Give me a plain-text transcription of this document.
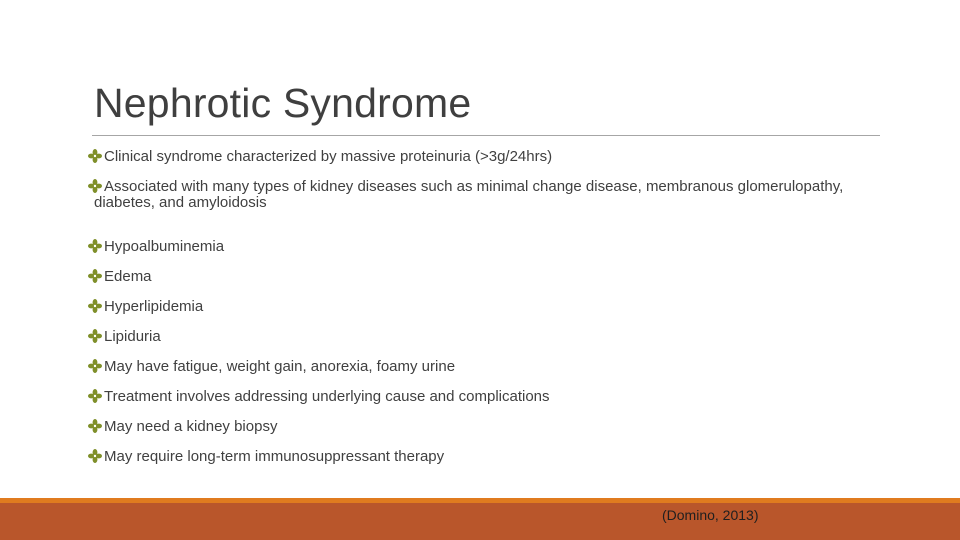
Nephrotic Syndrome
Clinical syndrome characterized by massive proteinuria (>3g/24hrs)
Associated with many types of kidney diseases such as minimal change disease, membranous glomerulopathy, diabetes, and amyloidosis
Hypoalbuminemia
Edema
Hyperlipidemia
Lipiduria
May have fatigue, weight gain, anorexia, foamy urine
Treatment involves addressing underlying cause and complications
May need a kidney biopsy
May require long-term immunosuppressant therapy
(Domino, 2013)
